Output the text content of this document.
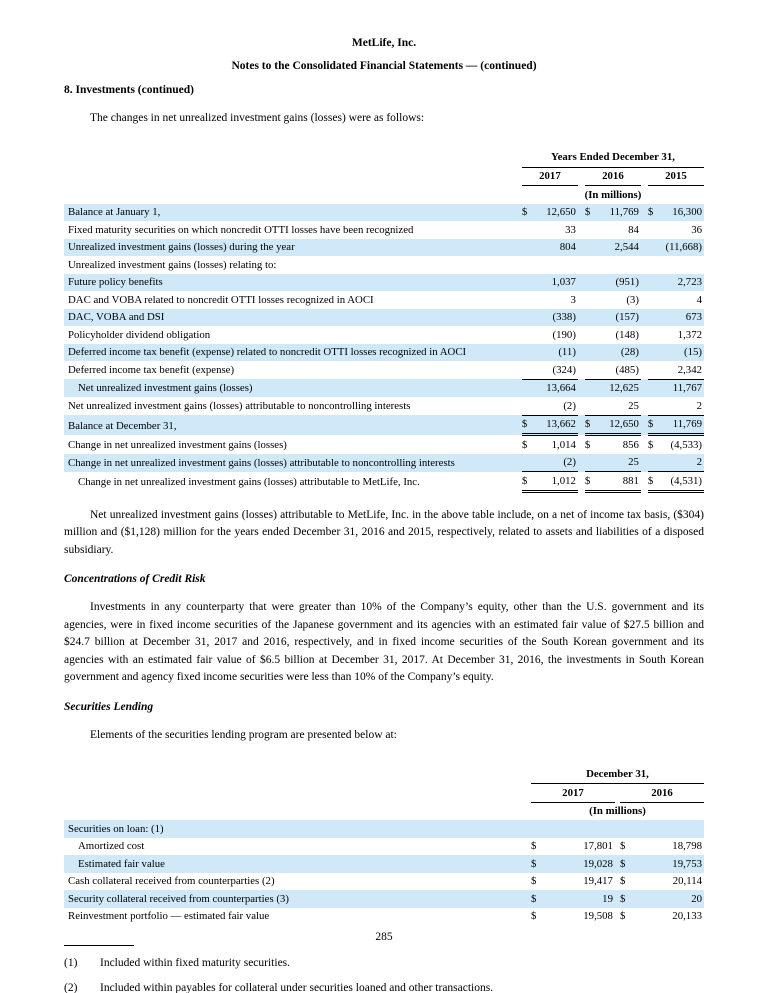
MetLife, Inc.
Notes to the Consolidated Financial Statements — (continued)
8. Investments (continued)

The changes in net unrealized investment gains (losses) were as follows:

	Years Ended December 31,							
	2017			2016			2015	
	(In millions)							
Balance at January 1,	$	12,650		$	11,769		$	16,300
Fixed maturity securities on which noncredit OTTI losses have been recognized		33			84			36
Unrealized investment gains (losses) during the year		804			2,544			(11,668)
Unrealized investment gains (losses) relating to:								
Future policy benefits		1,037			(951)			2,723
DAC and VOBA related to noncredit OTTI losses recognized in AOCI		3			(3)			4
DAC, VOBA and DSI		(338)			(157)			673
Policyholder dividend obligation		(190)			(148)			1,372
Deferred income tax benefit (expense) related to noncredit OTTI losses recognized in AOCI		(11)			(28)			(15)
Deferred income tax benefit (expense)		(324)			(485)			2,342
Net unrealized investment gains (losses)		13,664			12,625			11,767
Net unrealized investment gains (losses) attributable to noncontrolling interests		(2)			25			2
Balance at December 31,	$	13,662		$	12,650		$	11,769
Change in net unrealized investment gains (losses)	$	1,014		$	856		$	(4,533)
Change in net unrealized investment gains (losses) attributable to noncontrolling interests		(2)			25			2
Change in net unrealized investment gains (losses) attributable to MetLife, Inc.	$	1,012		$	881		$	(4,531)

Net unrealized investment gains (losses) attributable to MetLife, Inc. in the above table include, on a net of income tax basis, ($304) million and ($1,128) million for the years ended December 31, 2016 and 2015, respectively, related to assets and liabilities of a disposed subsidiary.

Concentrations of Credit Risk

Investments in any counterparty that were greater than 10% of the Company’s equity, other than the U.S. government and its agencies, were in fixed income securities of the Japanese government and its agencies with an estimated fair value of $27.5 billion and $24.7 billion at December 31, 2017 and 2016, respectively, and in fixed income securities of the South Korean government and its agencies with an estimated fair value of $6.5 billion at December 31, 2017. At December 31, 2016, the investments in South Korean government and agency fixed income securities were less than 10% of the Company’s equity.

Securities Lending

Elements of the securities lending program are presented below at:

	December 31,				
	2017			2016	
	(In millions)				
Securities on loan: (1)					
Amortized cost	$	17,801		$	18,798
Estimated fair value	$	19,028		$	19,753
Cash collateral received from counterparties (2)	$	19,417		$	20,114
Security collateral received from counterparties (3)	$	19		$	20
Reinvestment portfolio — estimated fair value	$	19,508		$	20,133
(1)	Included within fixed maturity securities.
(2)	Included within payables for collateral under securities loaned and other transactions.
285
